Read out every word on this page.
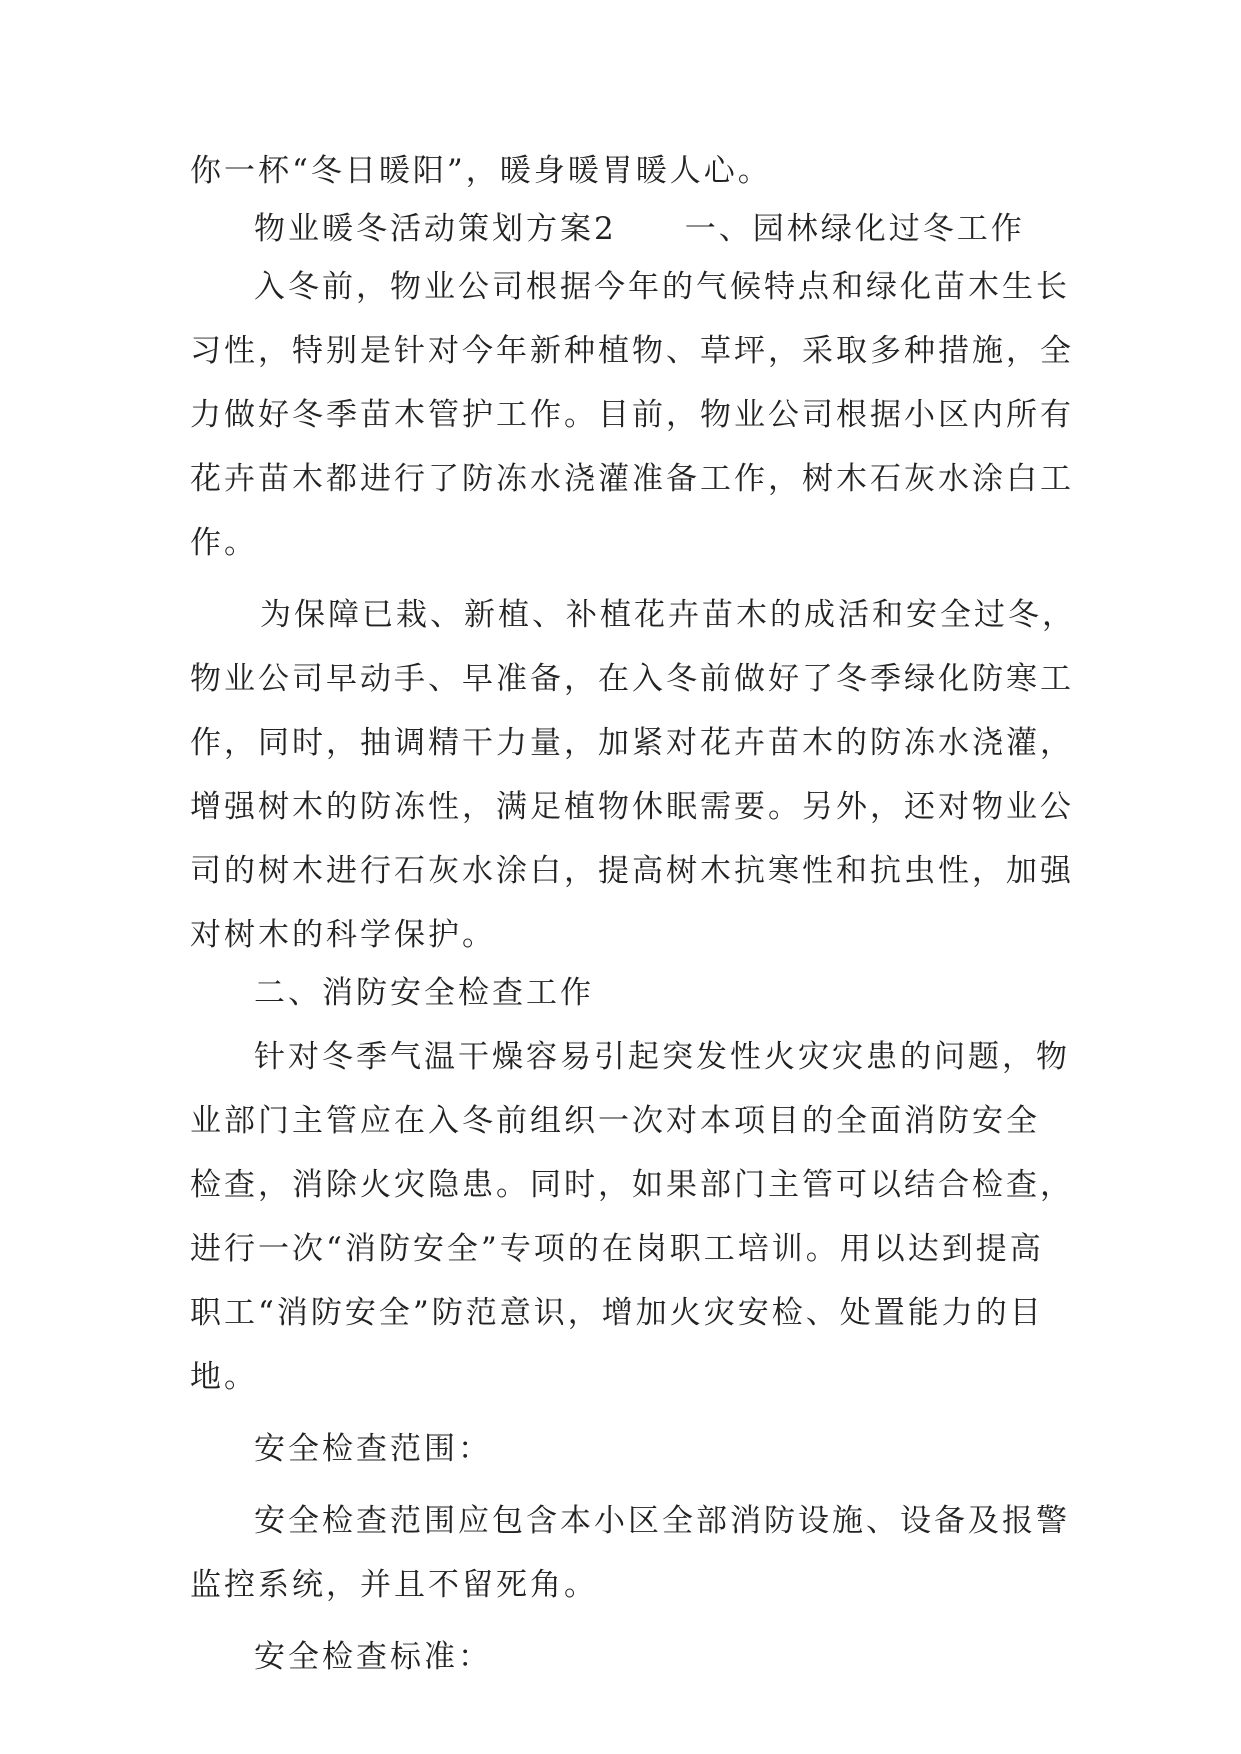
你一杯“冬日暖阳”，暖身暖胃暖人心。
物业暖冬活动策划方案2　　一、园林绿化过冬工作
入冬前，物业公司根据今年的气候特点和绿化苗木生长
习性，特别是针对今年新种植物、草坪，采取多种措施，全
力做好冬季苗木管护工作。目前，物业公司根据小区内所有
花卉苗木都进行了防冻水浇灌准备工作，树木石灰水涂白工
作。
为保障已栽、新植、补植花卉苗木的成活和安全过冬，
物业公司早动手、早准备，在入冬前做好了冬季绿化防寒工
作，同时，抽调精干力量，加紧对花卉苗木的防冻水浇灌，
增强树木的防冻性，满足植物休眠需要。另外，还对物业公
司的树木进行石灰水涂白，提高树木抗寒性和抗虫性，加强
对树木的科学保护。
二、消防安全检查工作
针对冬季气温干燥容易引起突发性火灾灾患的问题，物
业部门主管应在入冬前组织一次对本项目的全面消防安全
检查，消除火灾隐患。同时，如果部门主管可以结合检查，
进行一次“消防安全”专项的在岗职工培训。用以达到提高
职工“消防安全”防范意识，增加火灾安检、处置能力的目
地。
安全检查范围：
安全检查范围应包含本小区全部消防设施、设备及报警
监控系统，并且不留死角。
安全检查标准：
